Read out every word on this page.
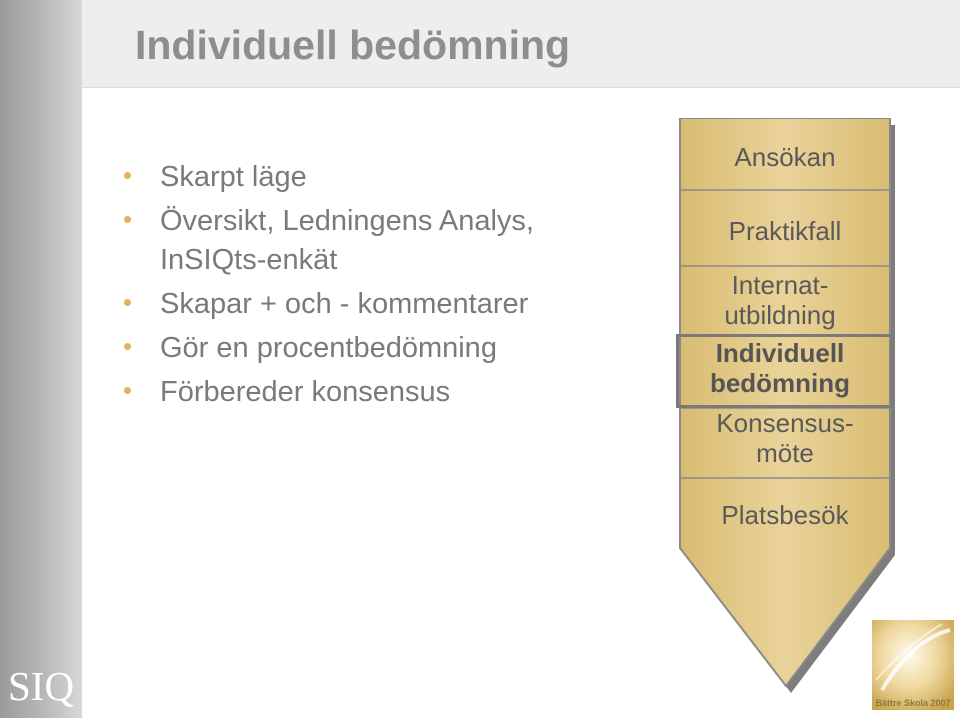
Individuell bedömning
Skarpt läge
Översikt, Ledningens Analys, InSIQts-enkät
Skapar + och - kommentarer
Gör en procentbedömning
Förbereder konsensus
Ansökan
Praktikfall
Internat-utbildning
Individuell bedömning
Konsensus-möte
Platsbesök
SIQ	Bättre Skola 2007
